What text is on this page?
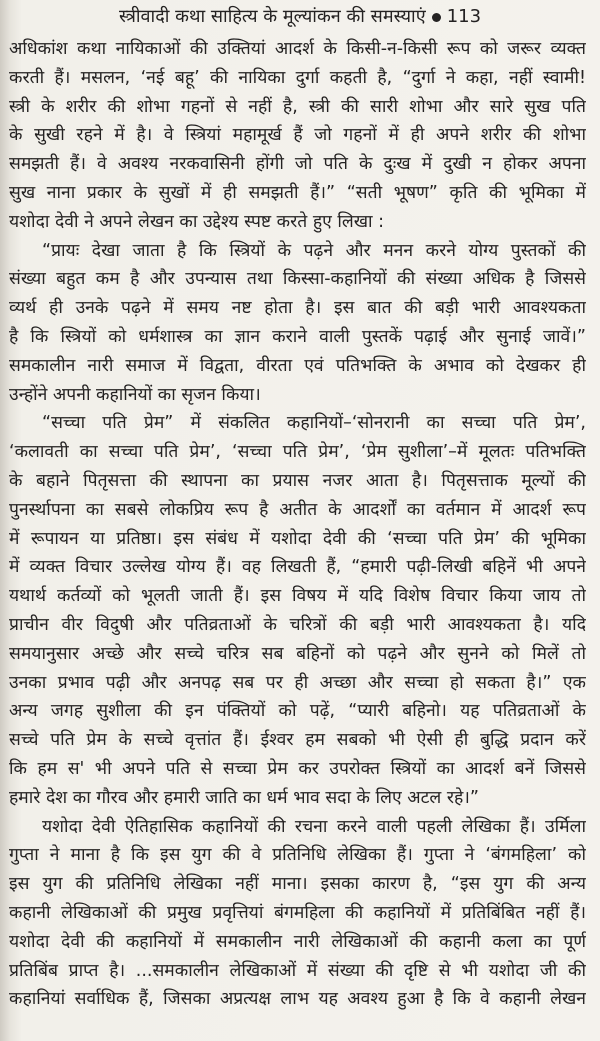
स्त्रीवादी कथा साहित्य के मूल्यांकन की समस्याएं 113
अधिकांश कथा नायिकाओं की उक्तियां आदर्श के किसी-न-किसी रूप को जरूर व्यक्त
करती हैं। मसलन, ‘नई बहू’ की नायिका दुर्गा कहती है, “दुर्गा ने कहा, नहीं स्वामी!
स्त्री के शरीर की शोभा गहनों से नहीं है, स्त्री की सारी शोभा और सारे सुख पति
के सुखी रहने में है। वे स्त्रियां महामूर्ख हैं जो गहनों में ही अपने शरीर की शोभा
समझती हैं। वे अवश्य नरकवासिनी होंगी जो पति के दुःख में दुखी न होकर अपना
सुख नाना प्रकार के सुखों में ही समझती हैं।” “सती भूषण” कृति की भूमिका में
यशोदा देवी ने अपने लेखन का उद्देश्य स्पष्ट करते हुए लिखा :
“प्रायः देखा जाता है कि स्त्रियों के पढ़ने और मनन करने योग्य पुस्तकों की
संख्या बहुत कम है और उपन्यास तथा किस्सा-कहानियों की संख्या अधिक है जिससे
व्यर्थ ही उनके पढ़ने में समय नष्ट होता है। इस बात की बड़ी भारी आवश्यकता
है कि स्त्रियों को धर्मशास्त्र का ज्ञान कराने वाली पुस्तकें पढ़ाई और सुनाई जावें।”
समकालीन नारी समाज में विद्वता, वीरता एवं पतिभक्ति के अभाव को देखकर ही
उन्होंने अपनी कहानियों का सृजन किया।
“सच्चा पति प्रेम” में संकलित कहानियों–‘सोनरानी का सच्चा पति प्रेम’,
‘कलावती का सच्चा पति प्रेम’, ‘सच्चा पति प्रेम’, ‘प्रेम सुशीला’–में मूलतः पतिभक्ति
के बहाने पितृसत्ता की स्थापना का प्रयास नजर आता है। पितृसत्ताक मूल्यों की
पुनर्स्थापना का सबसे लोकप्रिय रूप है अतीत के आदर्शों का वर्तमान में आदर्श रूप
में रूपायन या प्रतिष्ठा। इस संबंध में यशोदा देवी की ‘सच्चा पति प्रेम’ की भूमिका
में व्यक्त विचार उल्लेख योग्य हैं। वह लिखती हैं, “हमारी पढ़ी-लिखी बहिनें भी अपने
यथार्थ कर्तव्यों को भूलती जाती हैं। इस विषय में यदि विशेष विचार किया जाय तो
प्राचीन वीर विदुषी और पतिव्रताओं के चरित्रों की बड़ी भारी आवश्यकता है। यदि
समयानुसार अच्छे और सच्चे चरित्र सब बहिनों को पढ़ने और सुनने को मिलें तो
उनका प्रभाव पढ़ी और अनपढ़ सब पर ही अच्छा और सच्चा हो सकता है।” एक
अन्य जगह सुशीला की इन पंक्तियों को पढ़ें, “प्यारी बहिनो। यह पतिव्रताओं के
सच्चे पति प्रेम के सच्चे वृत्तांत हैं। ईश्वर हम सबको भी ऐसी ही बुद्धि प्रदान करें
कि हम स' भी अपने पति से सच्चा प्रेम कर उपरोक्त स्त्रियों का आदर्श बनें जिससे
हमारे देश का गौरव और हमारी जाति का धर्म भाव सदा के लिए अटल रहे।”
यशोदा देवी ऐतिहासिक कहानियों की रचना करने वाली पहली लेखिका हैं। उर्मिला
गुप्ता ने माना है कि इस युग की वे प्रतिनिधि लेखिका हैं। गुप्ता ने ‘बंगमहिला’ को
इस युग की प्रतिनिधि लेखिका नहीं माना। इसका कारण है, “इस युग की अन्य
कहानी लेखिकाओं की प्रमुख प्रवृत्तियां बंगमहिला की कहानियों में प्रतिबिंबित नहीं हैं।
यशोदा देवी की कहानियों में समकालीन नारी लेखिकाओं की कहानी कला का पूर्ण
प्रतिबिंब प्राप्त है। ...समकालीन लेखिकाओं में संख्या की दृष्टि से भी यशोदा जी की
कहानियां सर्वाधिक हैं, जिसका अप्रत्यक्ष लाभ यह अवश्य हुआ है कि वे कहानी लेखन
